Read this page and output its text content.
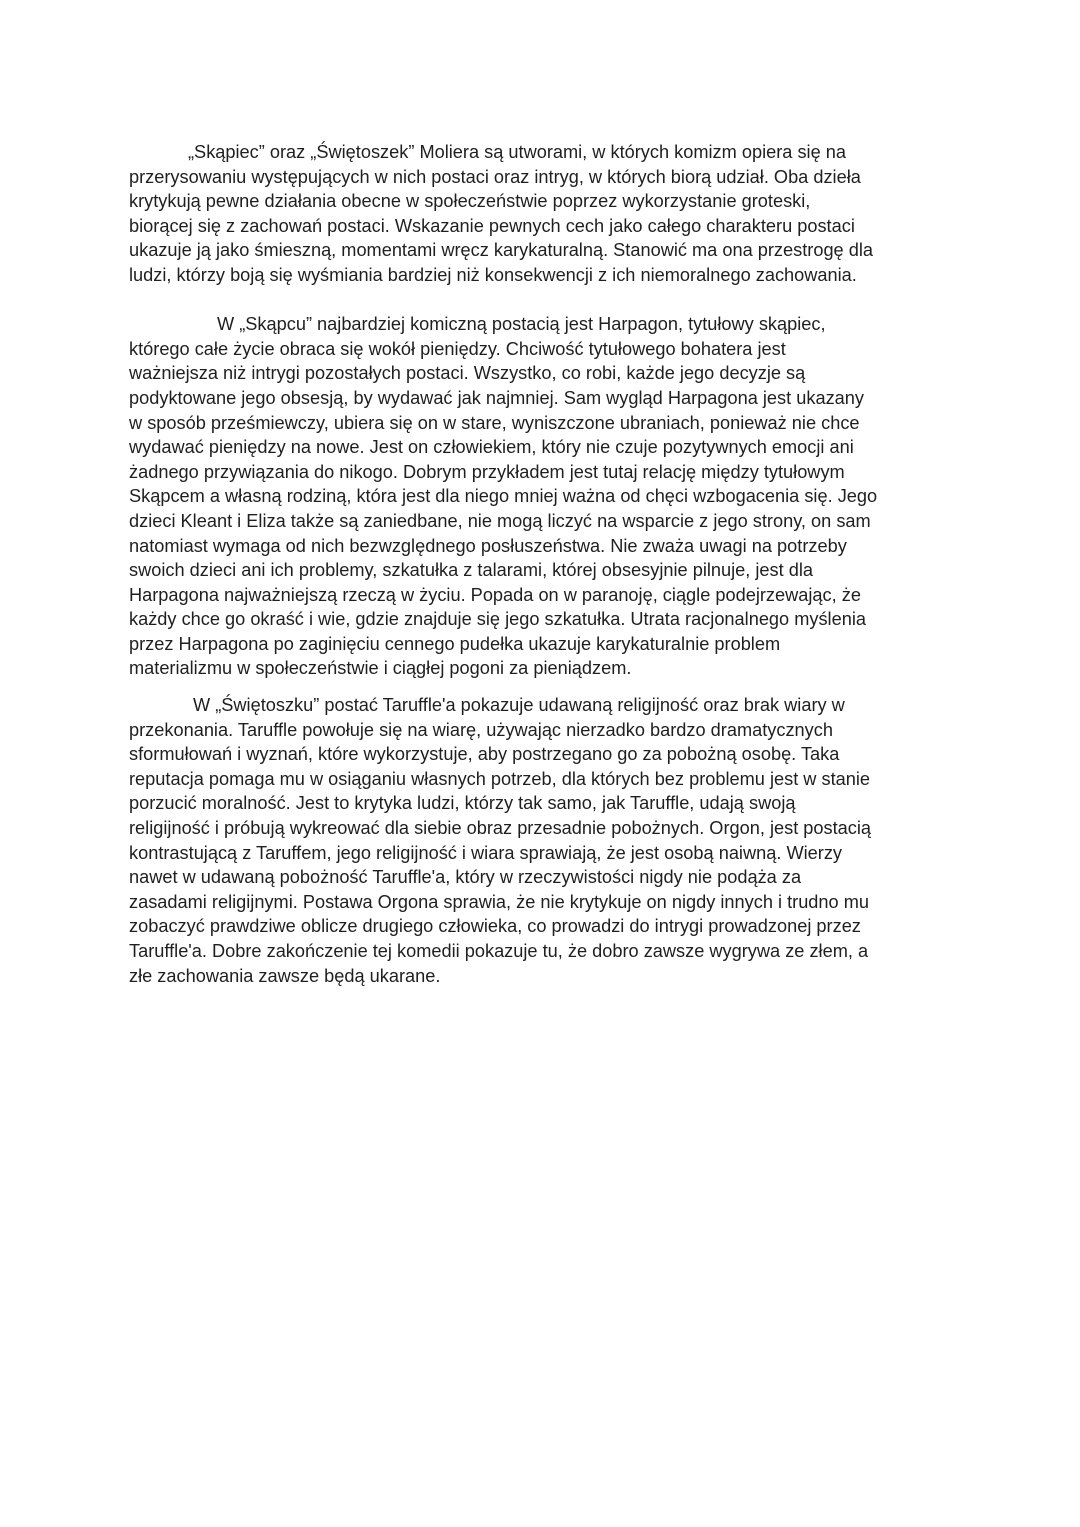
„Skąpiec” oraz „Świętoszek” Moliera są utworami, w których komizm opiera się na
przerysowaniu występujących w nich postaci oraz intryg, w których biorą udział. Oba dzieła
krytykują pewne działania obecne w społeczeństwie poprzez wykorzystanie groteski,
biorącej się z zachowań postaci. Wskazanie pewnych cech jako całego charakteru postaci
ukazuje ją jako śmieszną, momentami wręcz karykaturalną. Stanowić ma ona przestrogę dla
ludzi, którzy boją się wyśmiania bardziej niż konsekwencji z ich niemoralnego zachowania.

W „Skąpcu” najbardziej komiczną postacią jest Harpagon, tytułowy skąpiec,
którego całe życie obraca się wokół pieniędzy. Chciwość tytułowego bohatera jest
ważniejsza niż intrygi pozostałych postaci. Wszystko, co robi, każde jego decyzje są
podyktowane jego obsesją, by wydawać jak najmniej. Sam wygląd Harpagona jest ukazany
w sposób prześmiewczy, ubiera się on w stare, wyniszczone ubraniach, ponieważ nie chce
wydawać pieniędzy na nowe. Jest on człowiekiem, który nie czuje pozytywnych emocji ani
żadnego przywiązania do nikogo. Dobrym przykładem jest tutaj relację między tytułowym
Skąpcem a własną rodziną, która jest dla niego mniej ważna od chęci wzbogacenia się. Jego
dzieci Kleant i Eliza także są zaniedbane, nie mogą liczyć na wsparcie z jego strony, on sam
natomiast wymaga od nich bezwzględnego posłuszeństwa. Nie zważa uwagi na potrzeby
swoich dzieci ani ich problemy, szkatułka z talarami, której obsesyjnie pilnuje, jest dla
Harpagona najważniejszą rzeczą w życiu. Popada on w paranoję, ciągle podejrzewając, że
każdy chce go okraść i wie, gdzie znajduje się jego szkatułka. Utrata racjonalnego myślenia
przez Harpagona po zaginięciu cennego pudełka ukazuje karykaturalnie problem
materializmu w społeczeństwie i ciągłej pogoni za pieniądzem.

W „Świętoszku” postać Taruffle'a pokazuje udawaną religijność oraz brak wiary w
przekonania. Taruffle powołuje się na wiarę, używając nierzadko bardzo dramatycznych
sformułowań i wyznań, które wykorzystuje, aby postrzegano go za pobożną osobę. Taka
reputacja pomaga mu w osiąganiu własnych potrzeb, dla których bez problemu jest w stanie
porzucić moralność. Jest to krytyka ludzi, którzy tak samo, jak Taruffle, udają swoją
religijność i próbują wykreować dla siebie obraz przesadnie pobożnych. Orgon, jest postacią
kontrastującą z Taruffem, jego religijność i wiara sprawiają, że jest osobą naiwną. Wierzy
nawet w udawaną pobożność Taruffle'a, który w rzeczywistości nigdy nie podąża za
zasadami religijnymi. Postawa Orgona sprawia, że nie krytykuje on nigdy innych i trudno mu
zobaczyć prawdziwe oblicze drugiego człowieka, co prowadzi do intrygi prowadzonej przez
Taruffle'a. Dobre zakończenie tej komedii pokazuje tu, że dobro zawsze wygrywa ze złem, a
złe zachowania zawsze będą ukarane.
